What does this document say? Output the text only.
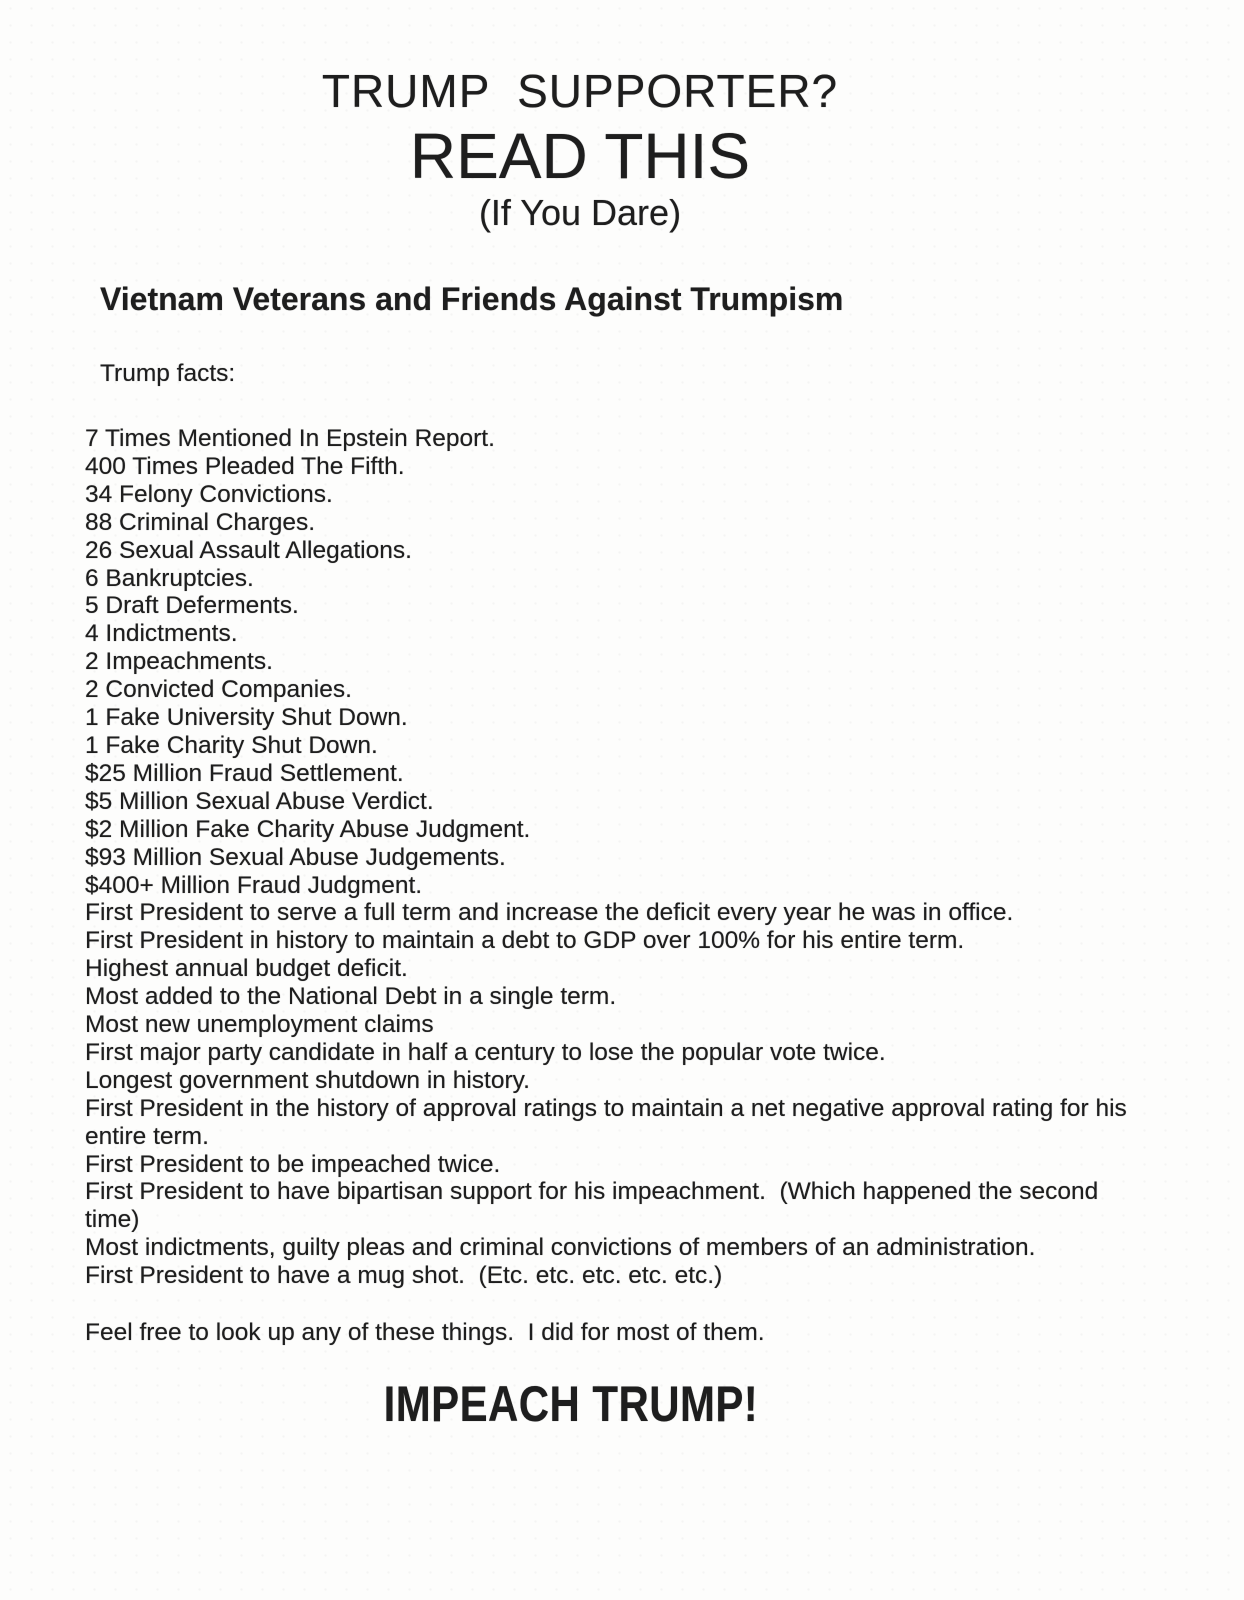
TRUMP  SUPPORTER?
READ THIS
(If You Dare)
Vietnam Veterans and Friends Against Trumpism
Trump facts:
7 Times Mentioned In Epstein Report.
400 Times Pleaded The Fifth.
34 Felony Convictions.
88 Criminal Charges.
26 Sexual Assault Allegations.
6 Bankruptcies.
5 Draft Deferments.
4 Indictments.
2 Impeachments.
2 Convicted Companies.
1 Fake University Shut Down.
1 Fake Charity Shut Down.
$25 Million Fraud Settlement.
$5 Million Sexual Abuse Verdict.
$2 Million Fake Charity Abuse Judgment.
$93 Million Sexual Abuse Judgements.
$400+ Million Fraud Judgment.
First President to serve a full term and increase the deficit every year he was in office.
First President in history to maintain a debt to GDP over 100% for his entire term.
Highest annual budget deficit.
Most added to the National Debt in a single term.
Most new unemployment claims
First major party candidate in half a century to lose the popular vote twice.
Longest government shutdown in history.
First President in the history of approval ratings to maintain a net negative approval rating for his entire term.
First President to be impeached twice.
First President to have bipartisan support for his impeachment.  (Which happened the second time)
Most indictments, guilty pleas and criminal convictions of members of an administration.
First President to have a mug shot.  (Etc. etc. etc. etc. etc.)

Feel free to look up any of these things.  I did for most of them.

IMPEACH TRUMP!
